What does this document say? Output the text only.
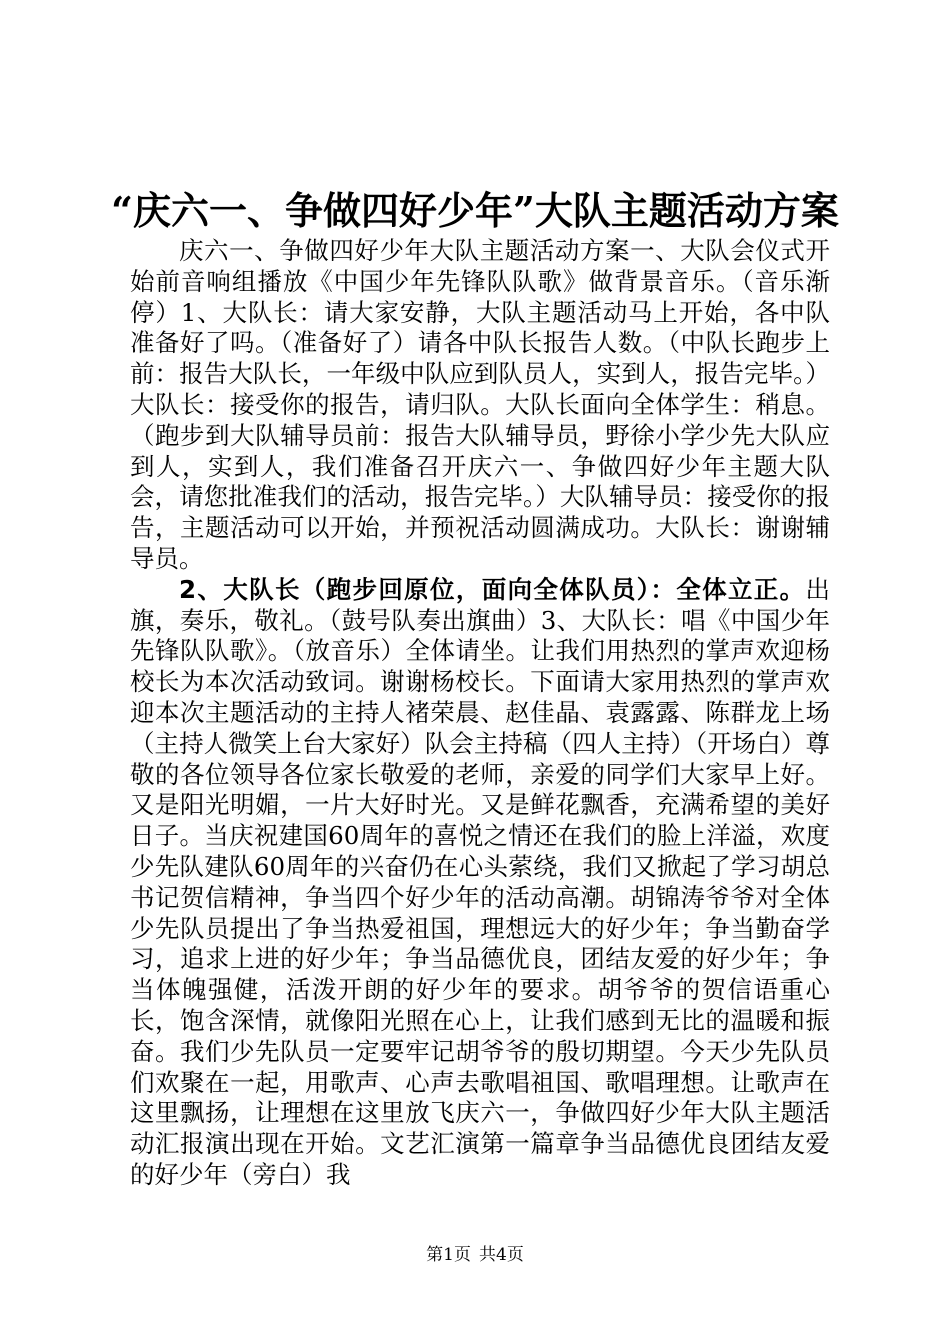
“庆六一、争做四好少年”大队主题活动方案

庆六一、争做四好少年大队主题活动方案一、大队会仪式开始前音响组播放《中国少年先锋队队歌》做背景音乐。（音乐渐停）1、大队长：请大家安静，大队主题活动马上开始，各中队准备好了吗。（准备好了）请各中队长报告人数。（中队长跑步上前：报告大队长，一年级中队应到队员人，实到人，报告完毕。）大队长：接受你的报告，请归队。大队长面向全体学生：稍息。（跑步到大队辅导员前：报告大队辅导员，野徐小学少先大队应到人，实到人，我们准备召开庆六一、争做四好少年主题大队会，请您批准我们的活动，报告完毕。）大队辅导员：接受你的报告，主题活动可以开始，并预祝活动圆满成功。大队长：谢谢辅导员。

2、大队长（跑步回原位，面向全体队员）：全体立正。出旗，奏乐，敬礼。（鼓号队奏出旗曲）3、大队长：唱《中国少年先锋队队歌》。（放音乐）全体请坐。让我们用热烈的掌声欢迎杨校长为本次活动致词。谢谢杨校长。下面请大家用热烈的掌声欢迎本次主题活动的主持人褚荣晨、赵佳晶、袁露露、陈群龙上场（主持人微笑上台大家好）队会主持稿（四人主持）（开场白）尊敬的各位领导各位家长敬爱的老师，亲爱的同学们大家早上好。又是阳光明媚，一片大好时光。又是鲜花飘香，充满希望的美好日子。当庆祝建国60周年的喜悦之情还在我们的脸上洋溢，欢度少先队建队60周年的兴奋仍在心头萦绕，我们又掀起了学习胡总书记贺信精神，争当四个好少年的活动高潮。胡锦涛爷爷对全体少先队员提出了争当热爱祖国，理想远大的好少年；争当勤奋学习，追求上进的好少年；争当品德优良，团结友爱的好少年；争当体魄强健，活泼开朗的好少年的要求。胡爷爷的贺信语重心长，饱含深情，就像阳光照在心上，让我们感到无比的温暖和振奋。我们少先队员一定要牢记胡爷爷的殷切期望。今天少先队员们欢聚在一起，用歌声、心声去歌唱祖国、歌唱理想。让歌声在这里飘扬，让理想在这里放飞庆六一，争做四好少年大队主题活动汇报演出现在开始。文艺汇演第一篇章争当品德优良团结友爱的好少年（旁白）我

第1页 共4页
